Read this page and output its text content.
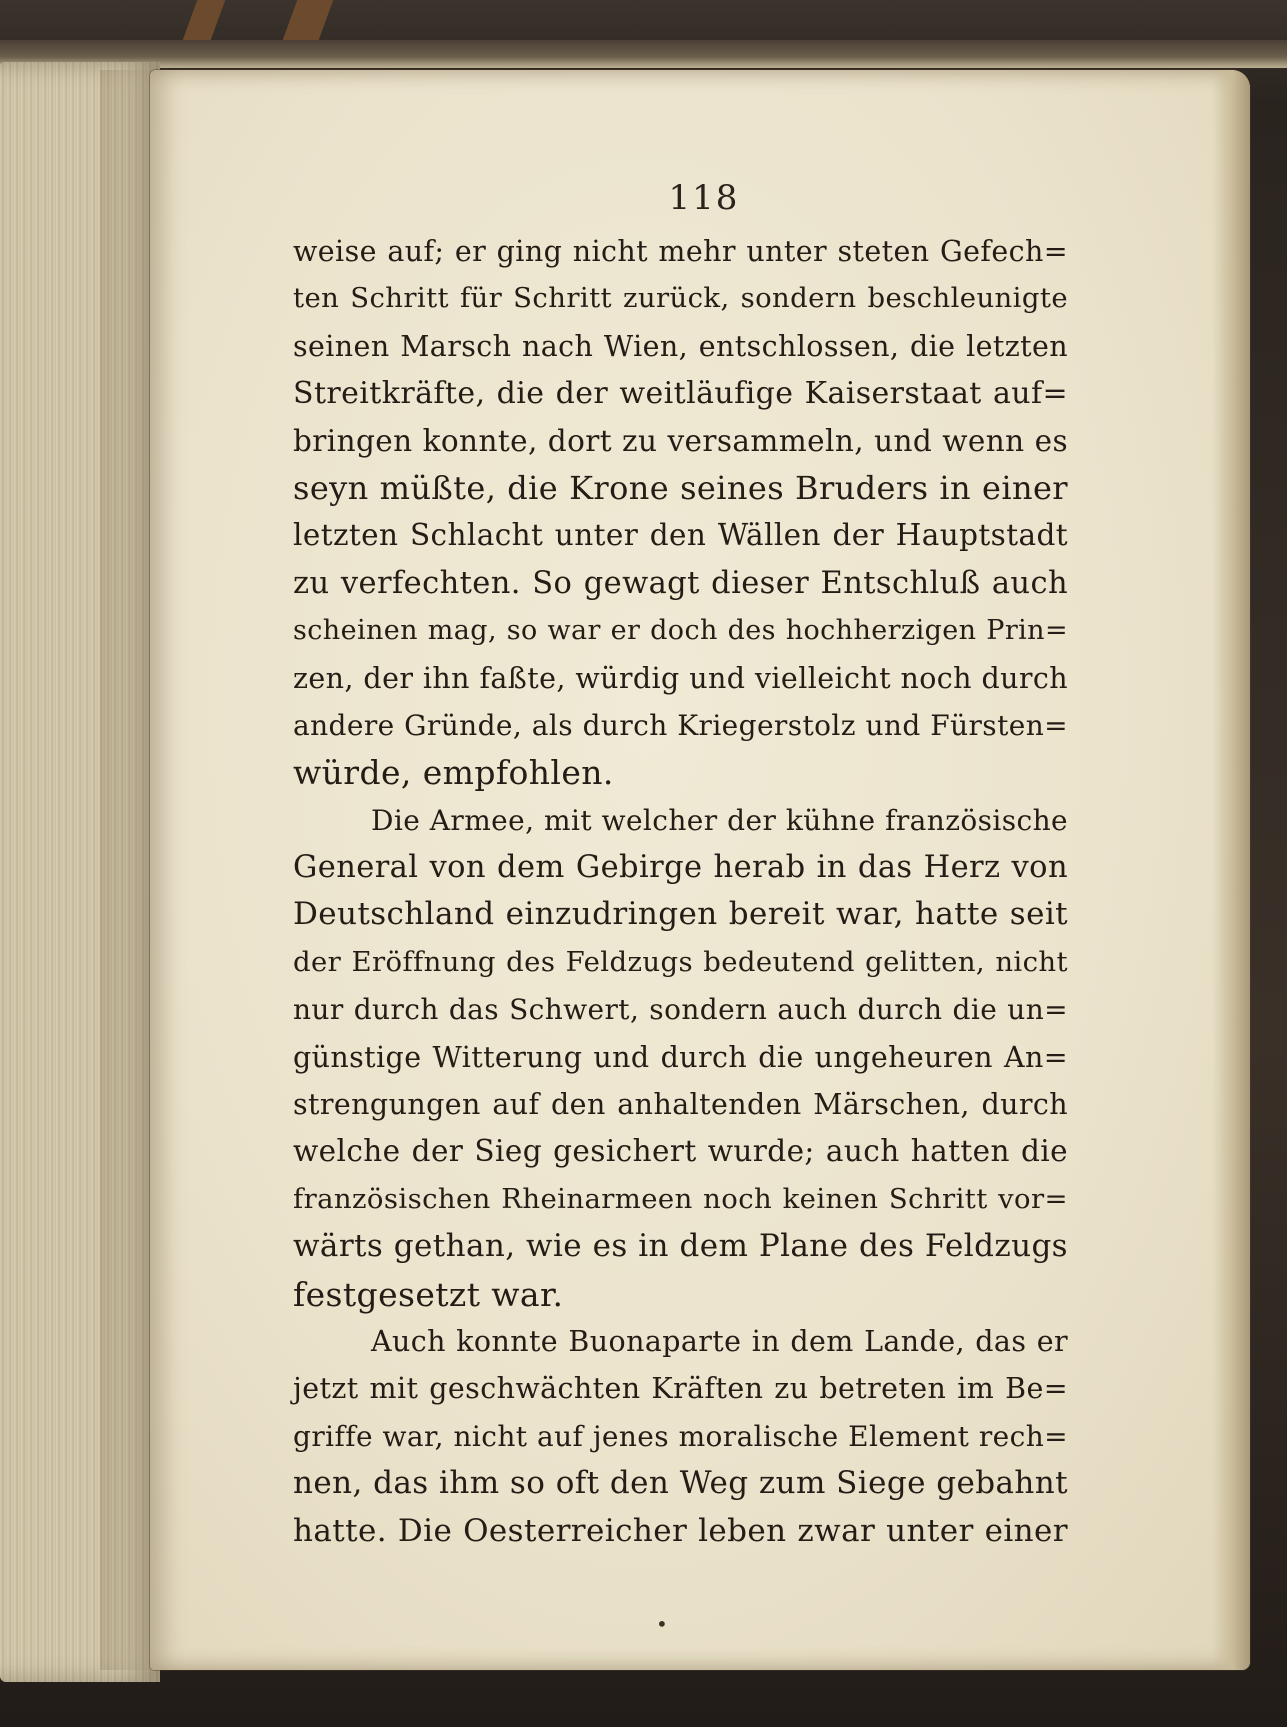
118
weise auf; er ging nicht mehr unter steten Gefech=
ten Schritt für Schritt zurück, sondern beschleunigte
seinen Marsch nach Wien, entschlossen, die letzten
Streitkräfte, die der weitläufige Kaiserstaat auf=
bringen konnte, dort zu versammeln, und wenn es
seyn müßte, die Krone seines Bruders in einer
letzten Schlacht unter den Wällen der Hauptstadt
zu verfechten. So gewagt dieser Entschluß auch
scheinen mag, so war er doch des hochherzigen Prin=
zen, der ihn faßte, würdig und vielleicht noch durch
andere Gründe, als durch Kriegerstolz und Fürsten=
würde, empfohlen.
Die Armee, mit welcher der kühne französische
General von dem Gebirge herab in das Herz von
Deutschland einzudringen bereit war, hatte seit
der Eröffnung des Feldzugs bedeutend gelitten, nicht
nur durch das Schwert, sondern auch durch die un=
günstige Witterung und durch die ungeheuren An=
strengungen auf den anhaltenden Märschen, durch
welche der Sieg gesichert wurde; auch hatten die
französischen Rheinarmeen noch keinen Schritt vor=
wärts gethan, wie es in dem Plane des Feldzugs
festgesetzt war.
Auch konnte Buonaparte in dem Lande, das er
jetzt mit geschwächten Kräften zu betreten im Be=
griffe war, nicht auf jenes moralische Element rech=
nen, das ihm so oft den Weg zum Siege gebahnt
hatte. Die Oesterreicher leben zwar unter einer
•
